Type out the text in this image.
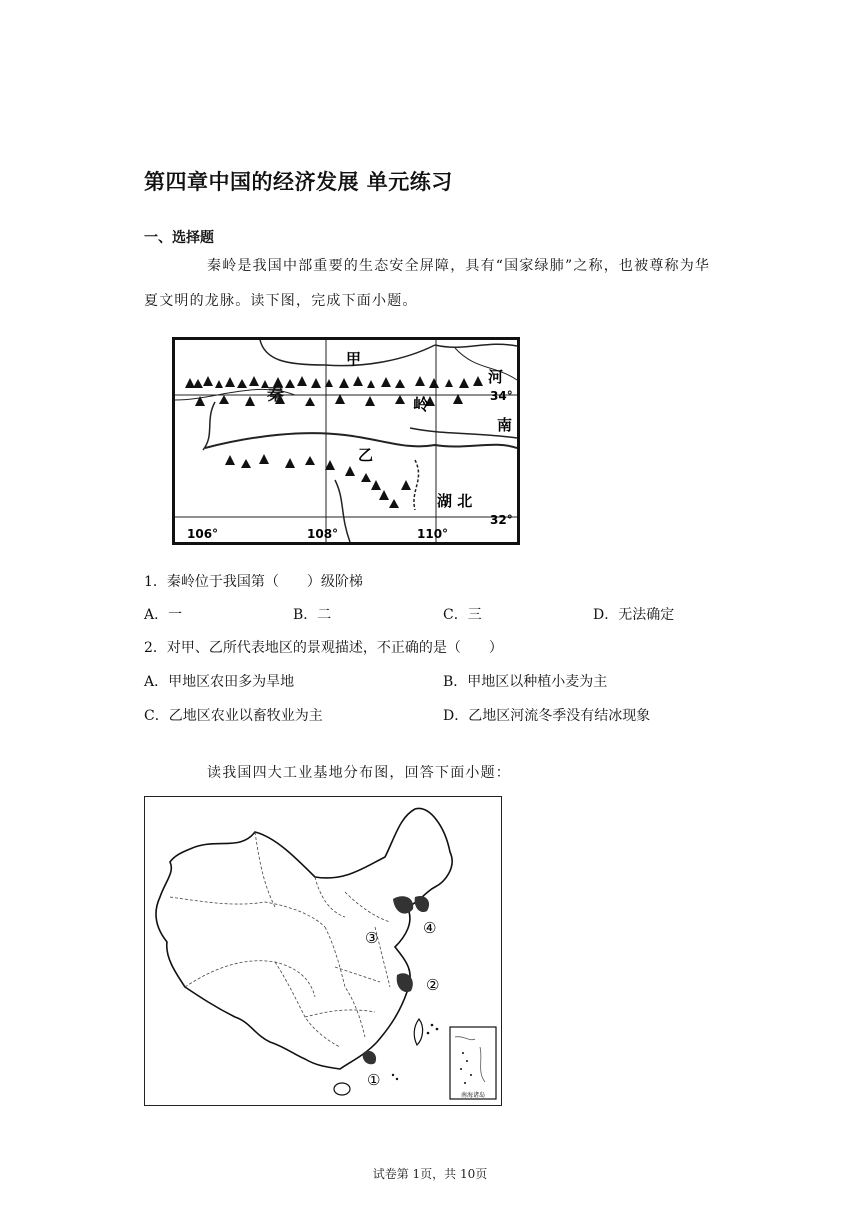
第四章中国的经济发展 单元练习
一、选择题
秦岭是我国中部重要的生态安全屏障，具有“国家绿肺”之称，也被尊称为华
夏文明的龙脉。读下图，完成下面小题。
甲
秦	岭
乙
河
南
湖 北
34°
32°
106°	108°	110°
1．秦岭位于我国第（　　）级阶梯
A．一	B．二	C．三	D．无法确定
2．对甲、乙所代表地区的景观描述，不正确的是（　　）
A．甲地区农田多为旱地	B．甲地区以种植小麦为主
C．乙地区农业以畜牧业为主	D．乙地区河流冬季没有结冰现象
读我国四大工业基地分布图，回答下面小题：
南海诸岛
③
④
②
①
试卷第 1页，共 10页
